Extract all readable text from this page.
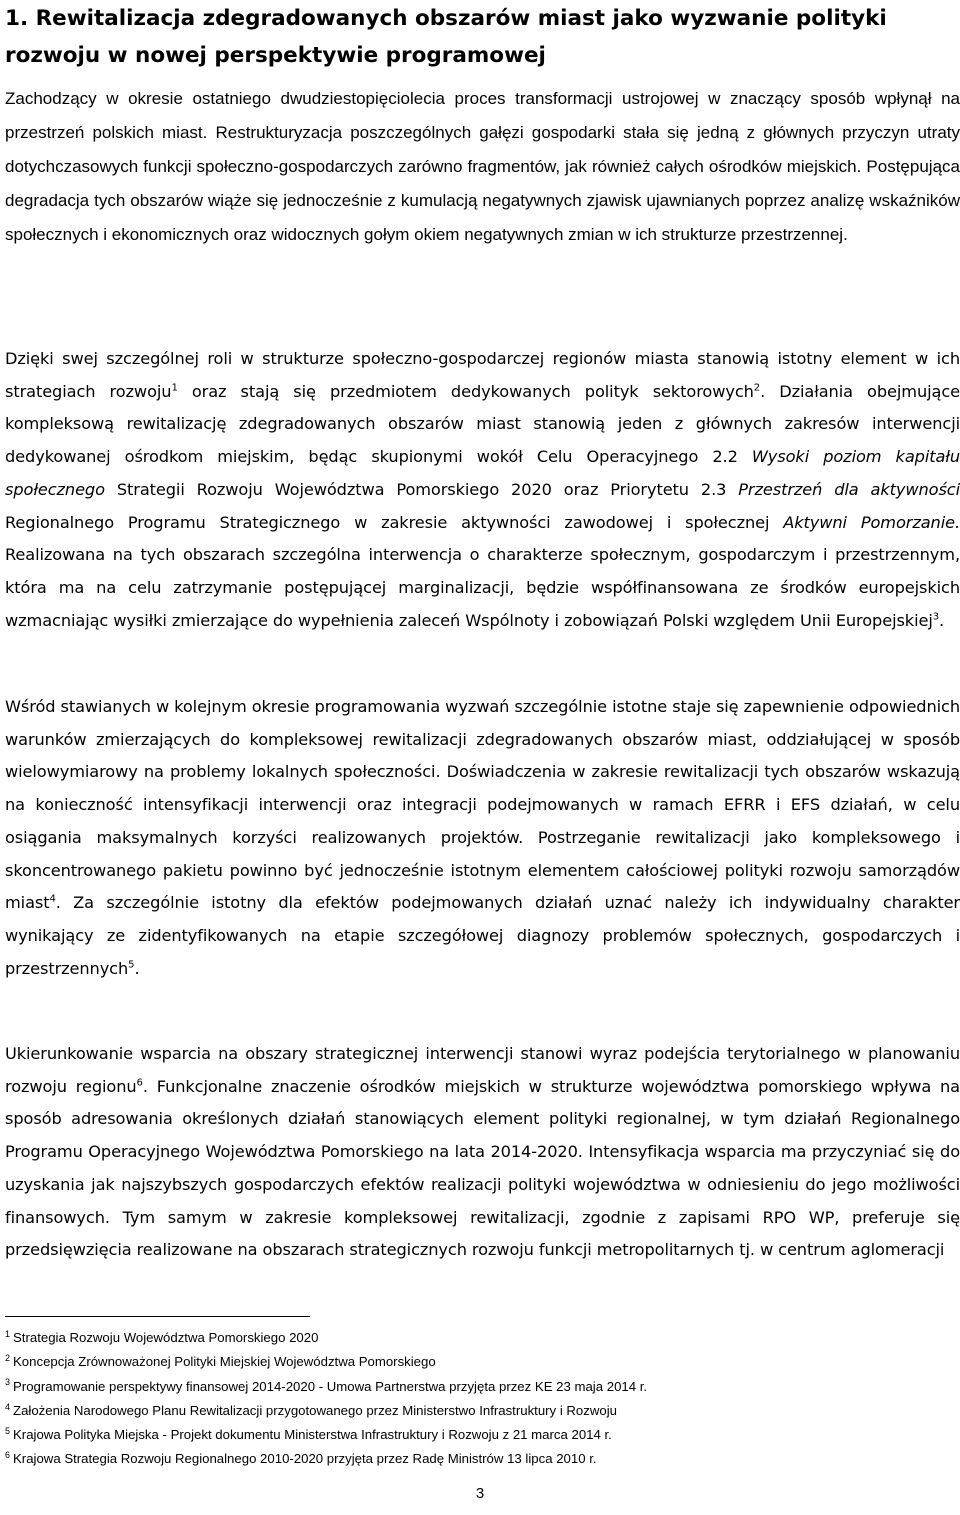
1. Rewitalizacja zdegradowanych obszarów miast jako wyzwanie polityki rozwoju w nowej perspektywie programowej

Zachodzący w okresie ostatniego dwudziestopięciolecia proces transformacji ustrojowej w znaczący sposób wpłynął na przestrzeń polskich miast. Restrukturyzacja poszczególnych gałęzi gospodarki stała się jedną z głównych przyczyn utraty dotychczasowych funkcji społeczno-gospodarczych zarówno fragmentów, jak również całych ośrodków miejskich. Postępująca degradacja tych obszarów wiąże się jednocześnie z kumulacją negatywnych zjawisk ujawnianych poprzez analizę wskaźników społecznych i ekonomicznych oraz widocznych gołym okiem negatywnych zmian w ich strukturze przestrzennej.

Dzięki swej szczególnej roli w strukturze społeczno-gospodarczej regionów miasta stanowią istotny element w ich strategiach rozwoju$^1$ oraz stają się przedmiotem dedykowanych polityk sektorowych$^2$. Działania obejmujące kompleksową rewitalizację zdegradowanych obszarów miast stanowią jeden z głównych zakresów interwencji dedykowanej ośrodkom miejskim, będąc skupionymi wokół Celu Operacyjnego 2.2 Wysoki poziom kapitału społecznego Strategii Rozwoju Województwa Pomorskiego 2020 oraz Priorytetu 2.3 Przestrzeń dla aktywności Regionalnego Programu Strategicznego w zakresie aktywności zawodowej i społecznej Aktywni Pomorzanie. Realizowana na tych obszarach szczególna interwencja o charakterze społecznym, gospodarczym i przestrzennym, która ma na celu zatrzymanie postępującej marginalizacji, będzie współfinansowana ze środków europejskich wzmacniając wysiłki zmierzające do wypełnienia zaleceń Wspólnoty i zobowiązań Polski względem Unii Europejskiej$^3$.

Wśród stawianych w kolejnym okresie programowania wyzwań szczególnie istotne staje się zapewnienie odpowiednich warunków zmierzających do kompleksowej rewitalizacji zdegradowanych obszarów miast, oddziałującej w sposób wielowymiarowy na problemy lokalnych społeczności. Doświadczenia w zakresie rewitalizacji tych obszarów wskazują na konieczność intensyfikacji interwencji oraz integracji podejmowanych w ramach EFRR i EFS działań, w celu osiągania maksymalnych korzyści realizowanych projektów. Postrzeganie rewitalizacji jako kompleksowego i skoncentrowanego pakietu powinno być jednocześnie istotnym elementem całościowej polityki rozwoju samorządów miast$^4$. Za szczególnie istotny dla efektów podejmowanych działań uznać należy ich indywidualny charakter wynikający ze zidentyfikowanych na etapie szczegółowej diagnozy problemów społecznych, gospodarczych i przestrzennych$^5$.

Ukierunkowanie wsparcia na obszary strategicznej interwencji stanowi wyraz podejścia terytorialnego w planowaniu rozwoju regionu$^6$. Funkcjonalne znaczenie ośrodków miejskich w strukturze województwa pomorskiego wpływa na sposób adresowania określonych działań stanowiących element polityki regionalnej, w tym działań Regionalnego Programu Operacyjnego Województwa Pomorskiego na lata 2014-2020. Intensyfikacja wsparcia ma przyczyniać się do uzyskania jak najszybszych gospodarczych efektów realizacji polityki województwa w odniesieniu do jego możliwości finansowych. Tym samym w zakresie kompleksowej rewitalizacji, zgodnie z zapisami RPO WP, preferuje się przedsięwzięcia realizowane na obszarach strategicznych rozwoju funkcji metropolitarnych tj. w centrum aglomeracji

$^1$ Strategia Rozwoju Województwa Pomorskiego 2020

$^2$ Koncepcja Zrównoważonej Polityki Miejskiej Województwa Pomorskiego

$^3$ Programowanie perspektywy finansowej 2014-2020 - Umowa Partnerstwa przyjęta przez KE 23 maja 2014 r.

$^4$ Założenia Narodowego Planu Rewitalizacji przygotowanego przez Ministerstwo Infrastruktury i Rozwoju

$^5$ Krajowa Polityka Miejska - Projekt dokumentu Ministerstwa Infrastruktury i Rozwoju z 21 marca 2014 r.

$^6$ Krajowa Strategia Rozwoju Regionalnego 2010-2020 przyjęta przez Radę Ministrów 13 lipca 2010 r.

3
